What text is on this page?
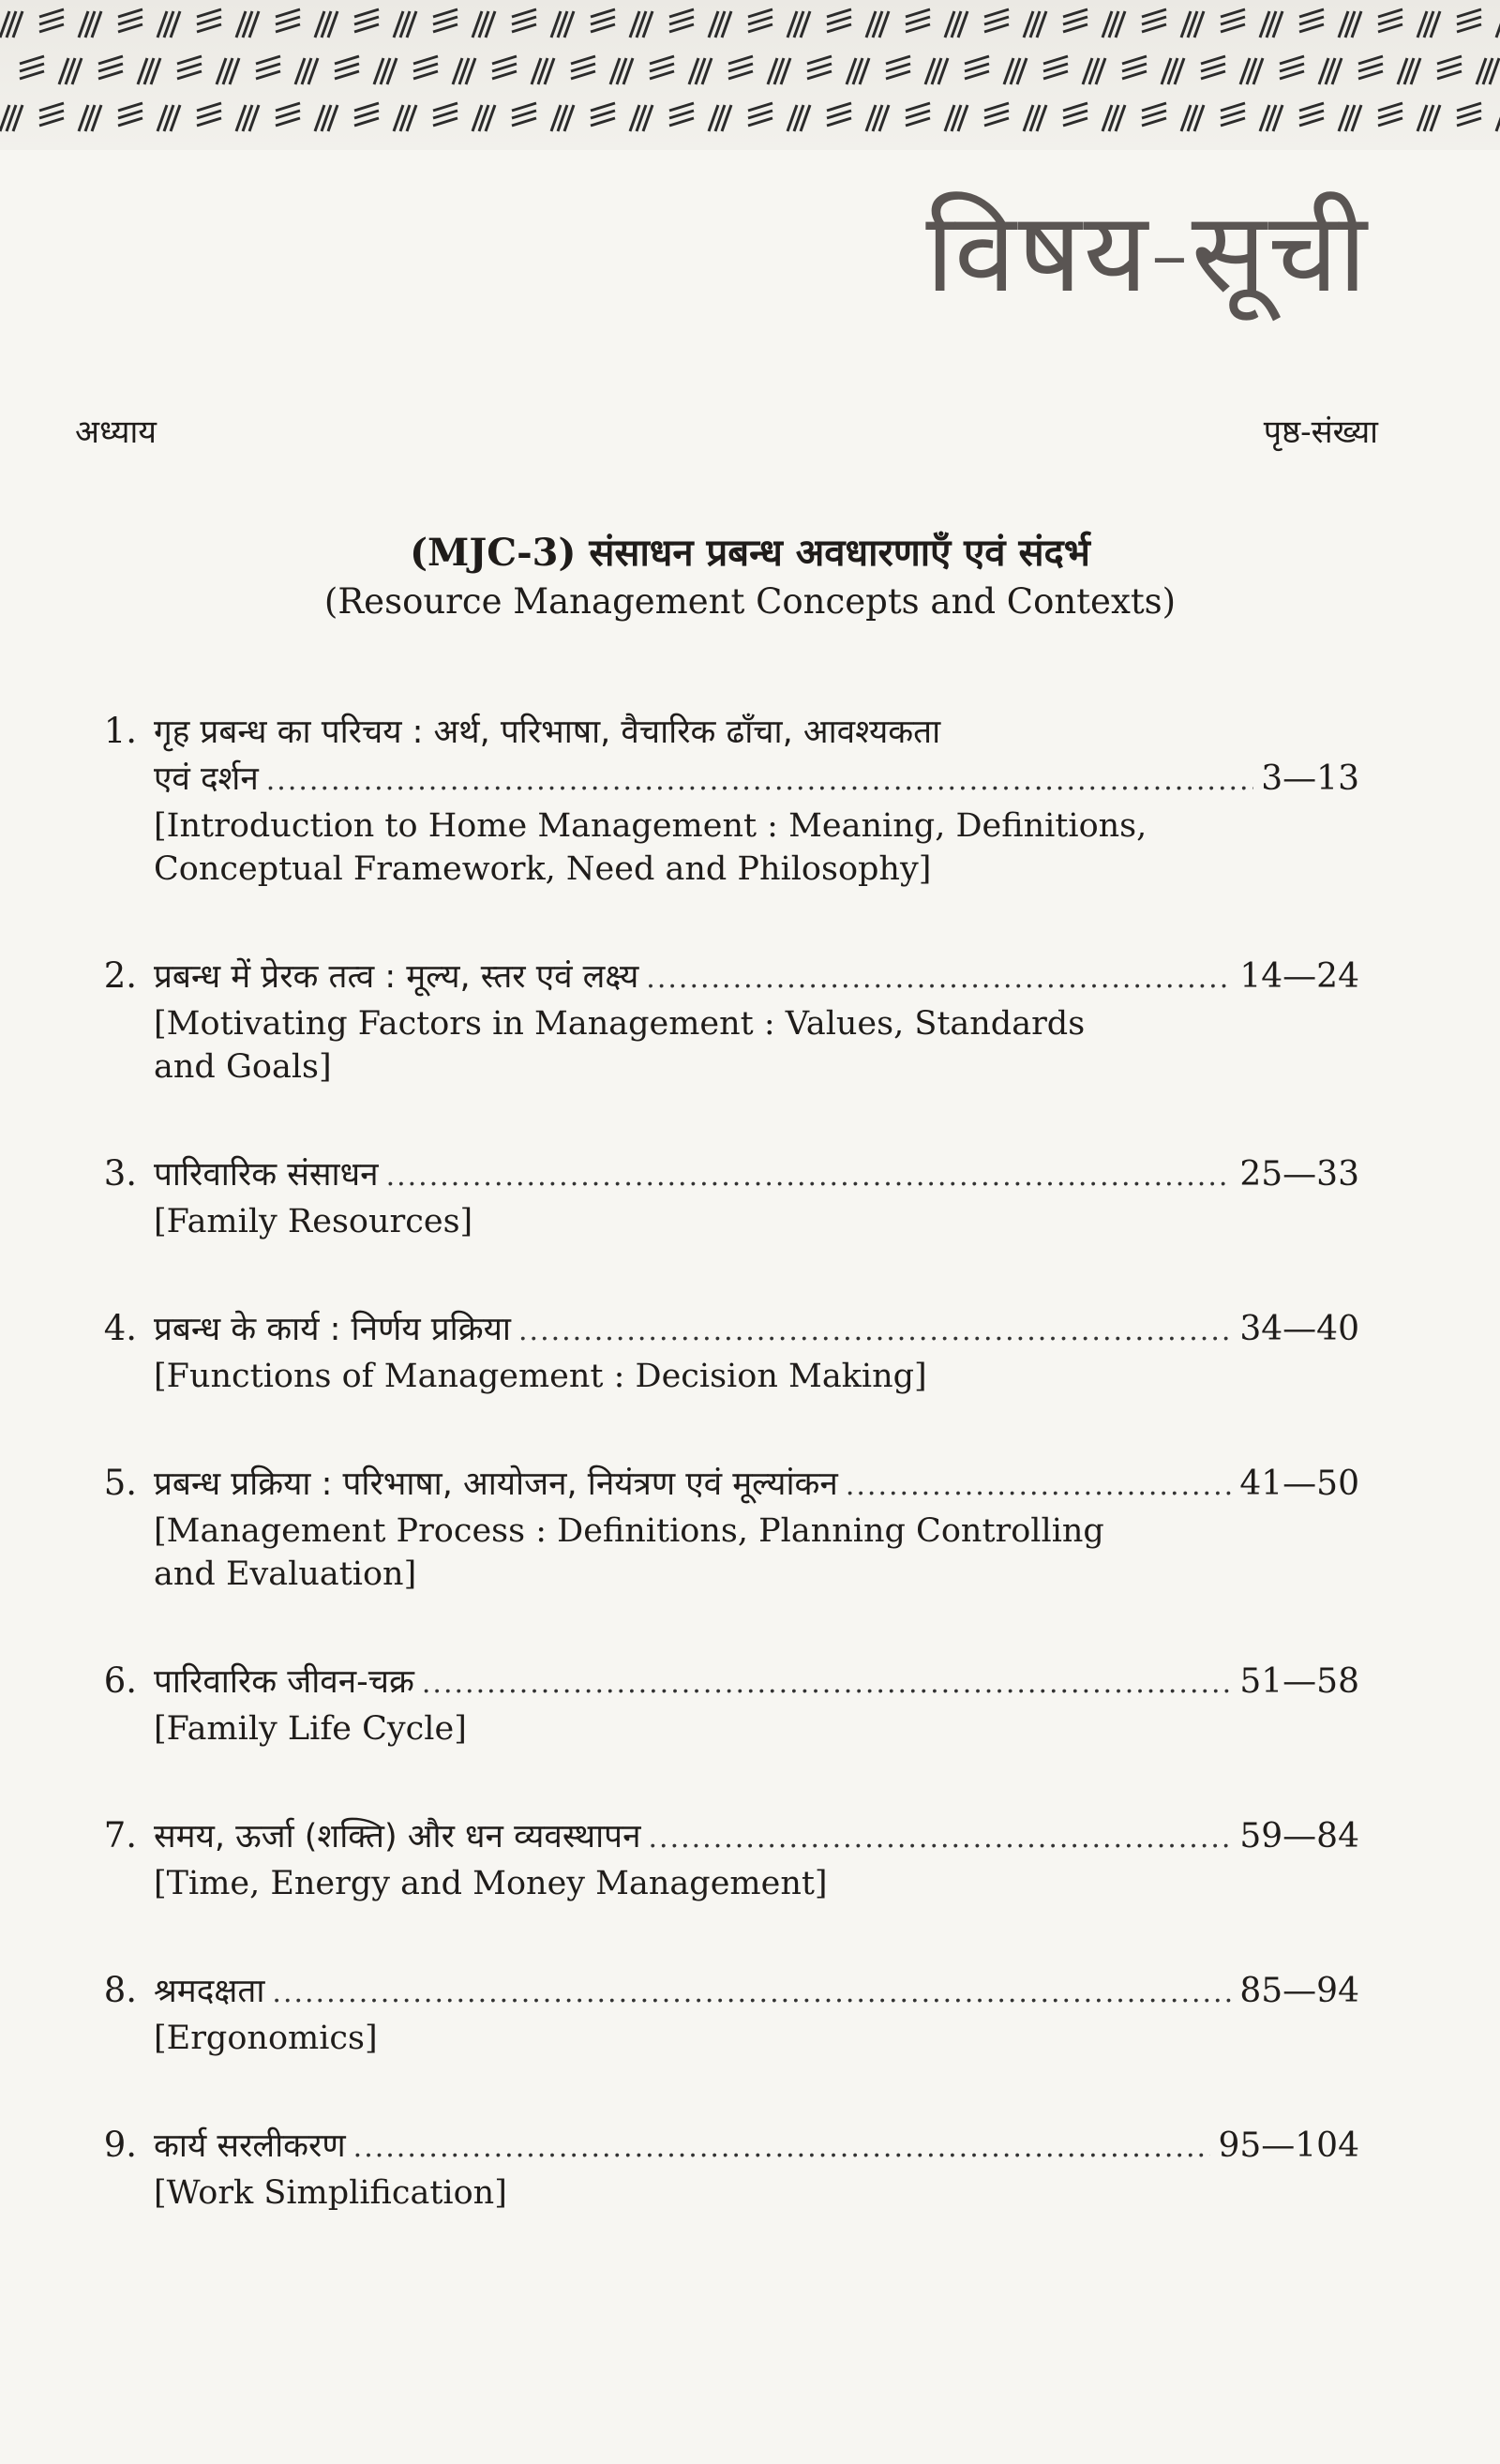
विषय-सूची
अध्याय	पृष्ठ-संख्या
(MJC-3) संसाधन प्रबन्ध अवधारणाएँ एवं संदर्भ
(Resource Management Concepts and Contexts)
1. गृह प्रबन्ध का परिचय : अर्थ, परिभाषा, वैचारिक ढाँचा, आवश्यकता
एवं दर्शन .....	3—13
[Introduction to Home Management : Meaning, Definitions,
Conceptual Framework, Need and Philosophy]
2. प्रबन्ध में प्रेरक तत्व : मूल्य, स्तर एवं लक्ष्य .....	14—24
[Motivating Factors in Management : Values, Standards
and Goals]
3. पारिवारिक संसाधन .....	25—33
[Family Resources]
4. प्रबन्ध के कार्य : निर्णय प्रक्रिया .....	34—40
[Functions of Management : Decision Making]
5. प्रबन्ध प्रक्रिया : परिभाषा, आयोजन, नियंत्रण एवं मूल्यांकन .....	41—50
[Management Process : Definitions, Planning Controlling
and Evaluation]
6. पारिवारिक जीवन-चक्र .....	51—58
[Family Life Cycle]
7. समय, ऊर्जा (शक्ति) और धन व्यवस्थापन .....	59—84
[Time, Energy and Money Management]
8. श्रमदक्षता .....	85—94
[Ergonomics]
9. कार्य सरलीकरण .....	95—104
[Work Simplification]
